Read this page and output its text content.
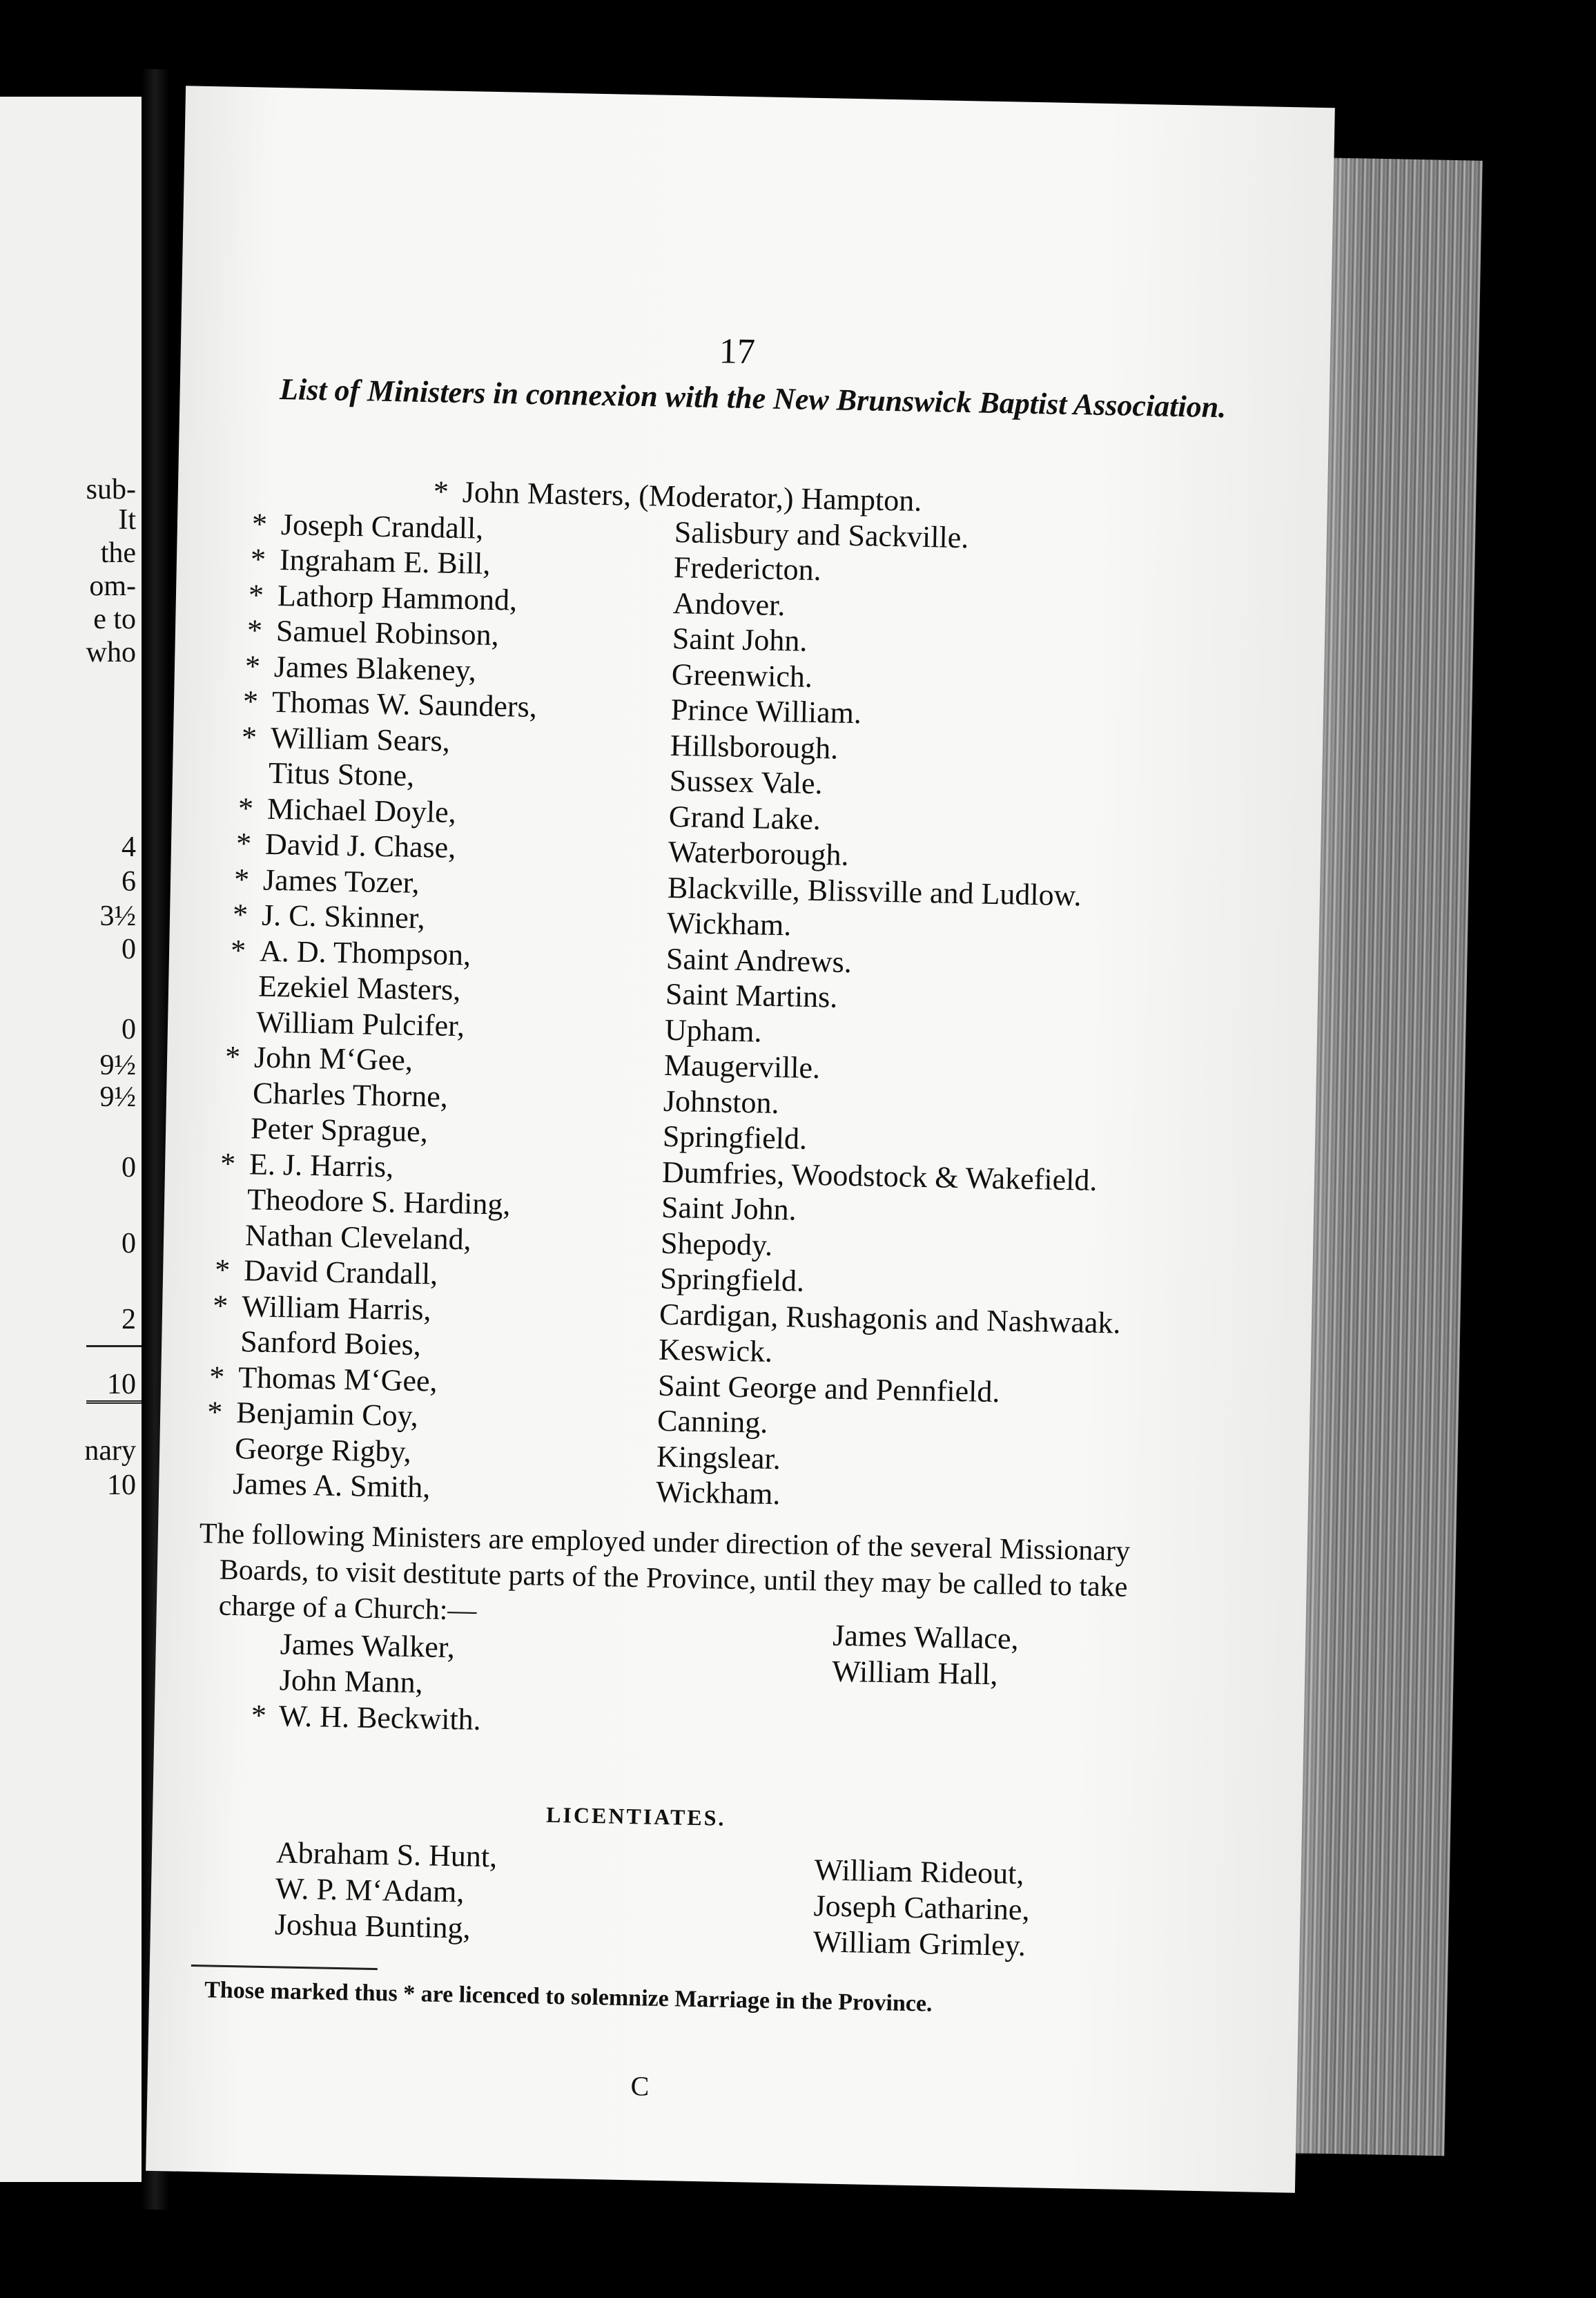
sub-
It
the
om-
e to
who
4
6
3½
0
0
9½
9½
0
0
2
10
nary
10
17
List of Ministers in connexion with the New Brunswick Baptist Association.
* John Masters, (Moderator,) Hampton.
* Joseph Crandall,	Salisbury and Sackville.
* Ingraham E. Bill,	Fredericton.
* Lathorp Hammond,	Andover.
* Samuel Robinson,	Saint John.
* James Blakeney,	Greenwich.
* Thomas W. Saunders,	Prince William.
* William Sears,	Hillsborough.
Titus Stone,	Sussex Vale.
* Michael Doyle,	Grand Lake.
* David J. Chase,	Waterborough.
* James Tozer,	Blackville, Blissville and Ludlow.
* J. C. Skinner,	Wickham.
* A. D. Thompson,	Saint Andrews.
Ezekiel Masters,	Saint Martins.
William Pulcifer,	Upham.
* John M‘Gee,	Maugerville.
Charles Thorne,	Johnston.
Peter Sprague,	Springfield.
* E. J. Harris,	Dumfries, Woodstock & Wakefield.
Theodore S. Harding,	Saint John.
Nathan Cleveland,	Shepody.
* David Crandall,	Springfield.
* William Harris,	Cardigan, Rushagonis and Nashwaak.
Sanford Boies,	Keswick.
* Thomas M‘Gee,	Saint George and Pennfield.
* Benjamin Coy,	Canning.
George Rigby,	Kingslear.
James A. Smith,	Wickham.
The following Ministers are employed under direction of the several Missionary Boards, to visit destitute parts of the Province, until they may be called to take charge of a Church:—
James Walker,
John Mann,
* W. H. Beckwith.
James Wallace,
William Hall,
LICENTIATES.
Abraham S. Hunt,
W. P. M‘Adam,
Joshua Bunting,
William Rideout,
Joseph Catharine,
William Grimley.
Those marked thus * are licenced to solemnize Marriage in the Province.
C
